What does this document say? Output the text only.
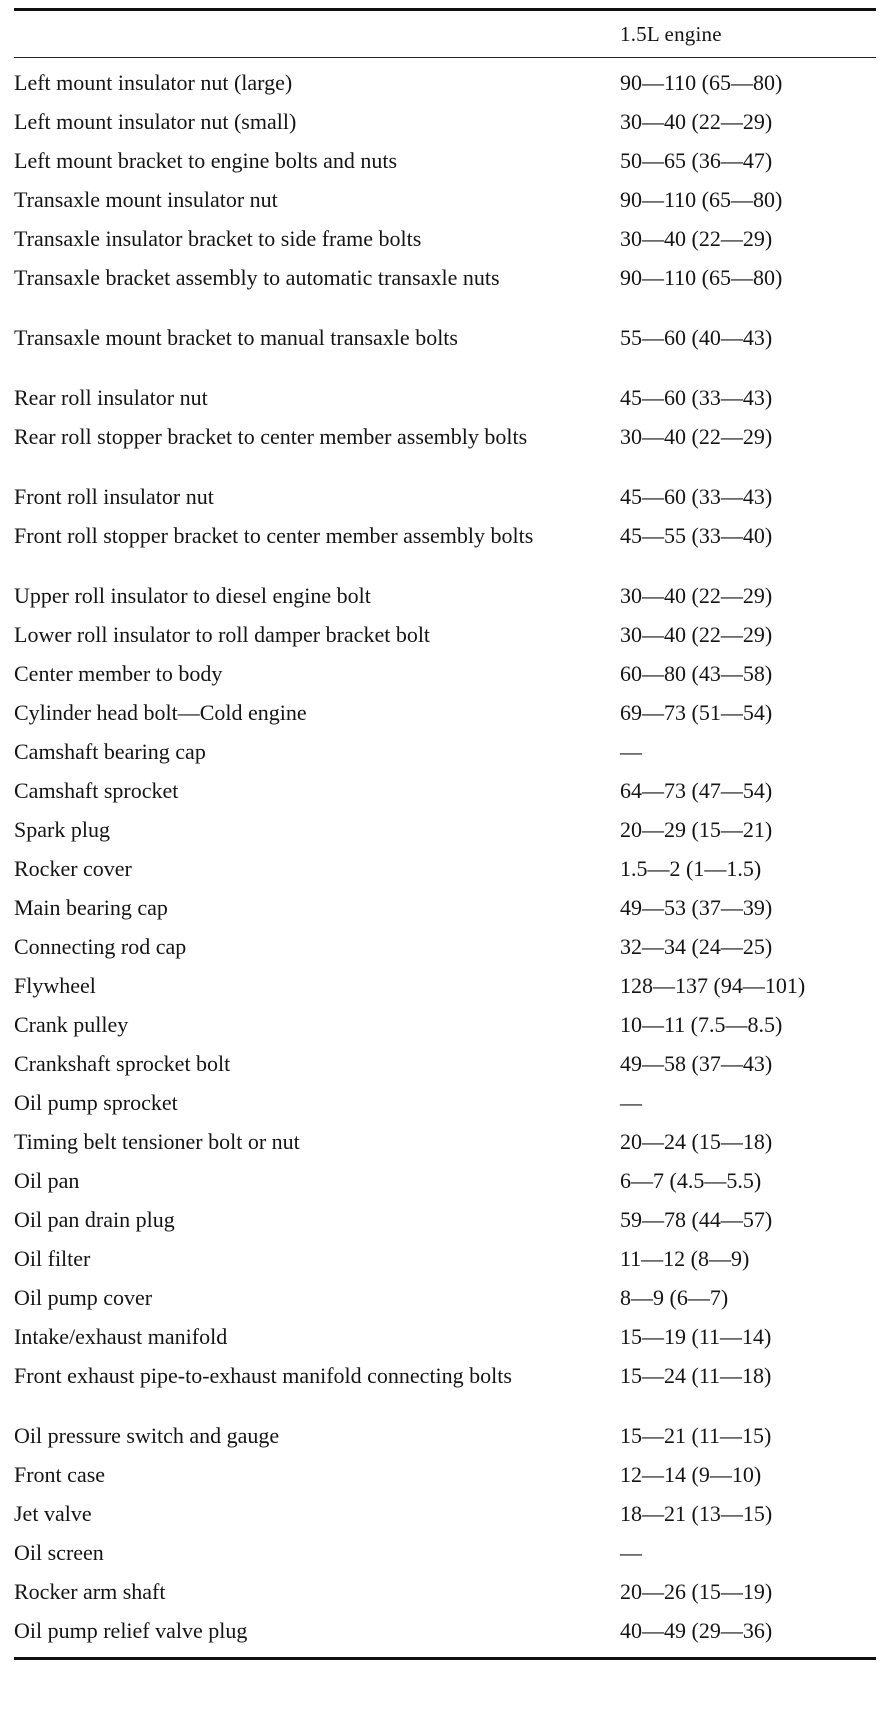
1.5L engine
Left mount insulator nut (large)	90—110 (65—80)
Left mount insulator nut (small)	30—40 (22—29)
Left mount bracket to engine bolts and nuts	50—65 (36—47)
Transaxle mount insulator nut	90—110 (65—80)
Transaxle insulator bracket to side frame bolts	30—40 (22—29)
Transaxle bracket assembly to automatic transaxle nuts	90—110 (65—80)
Transaxle mount bracket to manual transaxle bolts	55—60 (40—43)
Rear roll insulator nut	45—60 (33—43)
Rear roll stopper bracket to center member assembly bolts	30—40 (22—29)
Front roll insulator nut	45—60 (33—43)
Front roll stopper bracket to center member assembly bolts	45—55 (33—40)
Upper roll insulator to diesel engine bolt	30—40 (22—29)
Lower roll insulator to roll damper bracket bolt	30—40 (22—29)
Center member to body	60—80 (43—58)
Cylinder head bolt—Cold engine	69—73 (51—54)
Camshaft bearing cap	—
Camshaft sprocket	64—73 (47—54)
Spark plug	20—29 (15—21)
Rocker cover	1.5—2 (1—1.5)
Main bearing cap	49—53 (37—39)
Connecting rod cap	32—34 (24—25)
Flywheel	128—137 (94—101)
Crank pulley	10—11 (7.5—8.5)
Crankshaft sprocket bolt	49—58 (37—43)
Oil pump sprocket	—
Timing belt tensioner bolt or nut	20—24 (15—18)
Oil pan	6—7 (4.5—5.5)
Oil pan drain plug	59—78 (44—57)
Oil filter	11—12 (8—9)
Oil pump cover	8—9 (6—7)
Intake/exhaust manifold	15—19 (11—14)
Front exhaust pipe-to-exhaust manifold connecting bolts	15—24 (11—18)
Oil pressure switch and gauge	15—21 (11—15)
Front case	12—14 (9—10)
Jet valve	18—21 (13—15)
Oil screen	—
Rocker arm shaft	20—26 (15—19)
Oil pump relief valve plug	40—49 (29—36)
